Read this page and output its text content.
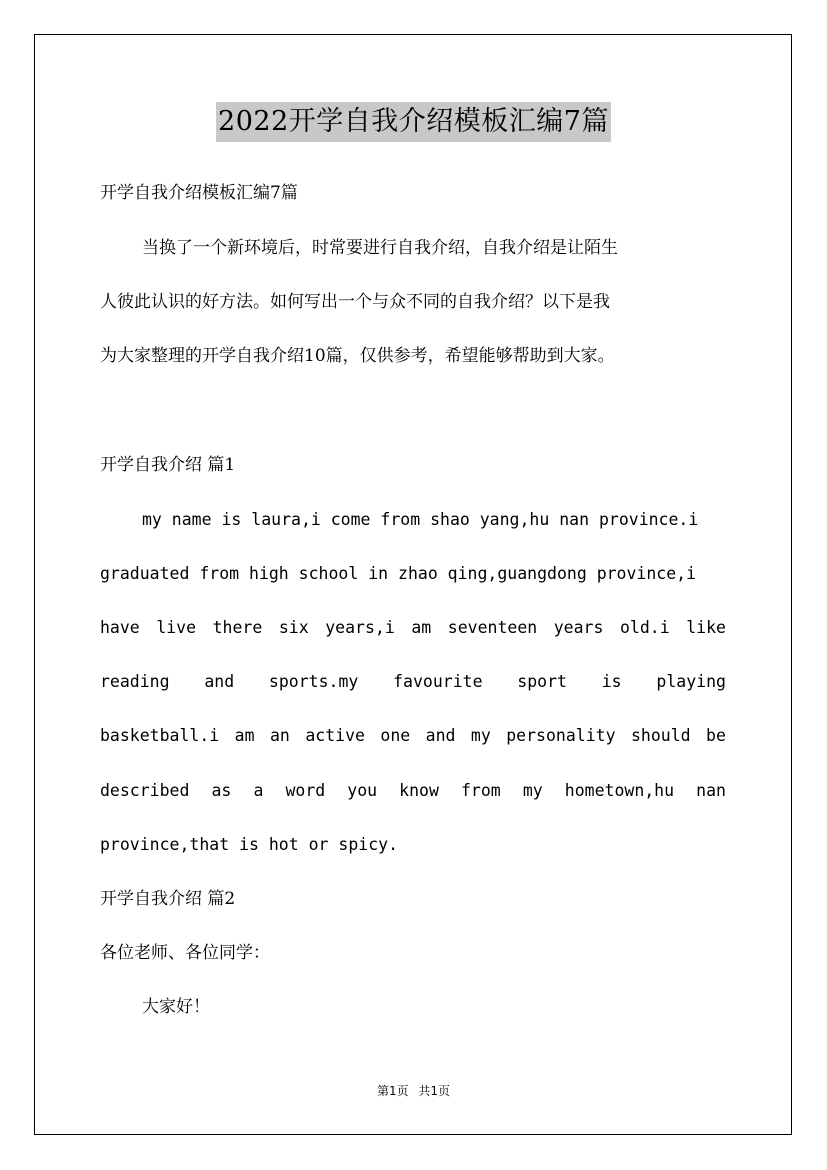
2022开学自我介绍模板汇编7篇
开学自我介绍模板汇编7篇
当换了一个新环境后，时常要进行自我介绍，自我介绍是让陌生
人彼此认识的好方法。如何写出一个与众不同的自我介绍？以下是我
为大家整理的开学自我介绍10篇，仅供参考，希望能够帮助到大家。
开学自我介绍 篇1
my name is laura,i come from shao yang,hu nan province.i
graduated from high school in zhao qing,guangdong province,i
have live there six years,i am seventeen years old.i like
reading and sports.my favourite sport is playing
basketball.i am an active one and my personality should be
described as a word you know from my hometown,hu nan
province,that is hot or spicy.
开学自我介绍 篇2
各位老师、各位同学：
大家好！
第1页 共1页
